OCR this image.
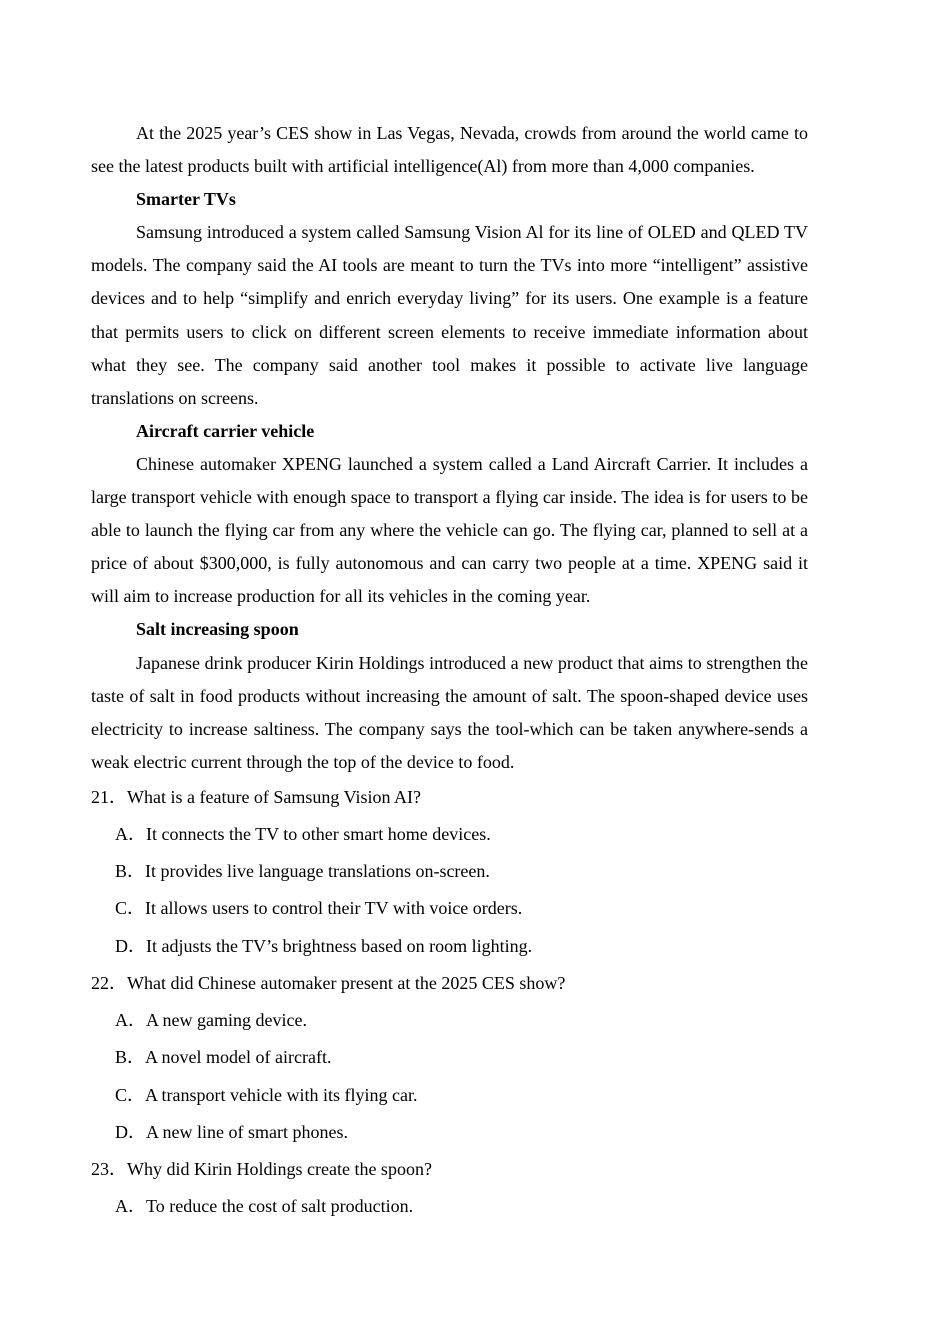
At the 2025 year’s CES show in Las Vegas, Nevada, crowds from around the world came to see the latest products built with artificial intelligence(Al) from more than 4,000 companies.

Smarter TVs

Samsung introduced a system called Samsung Vision Al for its line of OLED and QLED TV models. The company said the AI tools are meant to turn the TVs into more “intelligent” assistive devices and to help “simplify and enrich everyday living” for its users. One example is a feature that permits users to click on different screen elements to receive immediate information about what they see. The company said another tool makes it possible to activate live language translations on screens.

Aircraft carrier vehicle

Chinese automaker XPENG launched a system called a Land Aircraft Carrier. It includes a large transport vehicle with enough space to transport a flying car inside. The idea is for users to be able to launch the flying car from any where the vehicle can go. The flying car, planned to sell at a price of about $300,000, is fully autonomous and can carry two people at a time. XPENG said it will aim to increase production for all its vehicles in the coming year.

Salt increasing spoon

Japanese drink producer Kirin Holdings introduced a new product that aims to strengthen the taste of salt in food products without increasing the amount of salt. The spoon-shaped device uses electricity to increase saltiness. The company says the tool-which can be taken anywhere-sends a weak electric current through the top of the device to food.

21．What is a feature of Samsung Vision AI?

A．It connects the TV to other smart home devices.

B．It provides live language translations on-screen.

C．It allows users to control their TV with voice orders.

D．It adjusts the TV’s brightness based on room lighting.

22．What did Chinese automaker present at the 2025 CES show?

A．A new gaming device.

B．A novel model of aircraft.

C．A transport vehicle with its flying car.

D．A new line of smart phones.

23．Why did Kirin Holdings create the spoon?

A．To reduce the cost of salt production.
